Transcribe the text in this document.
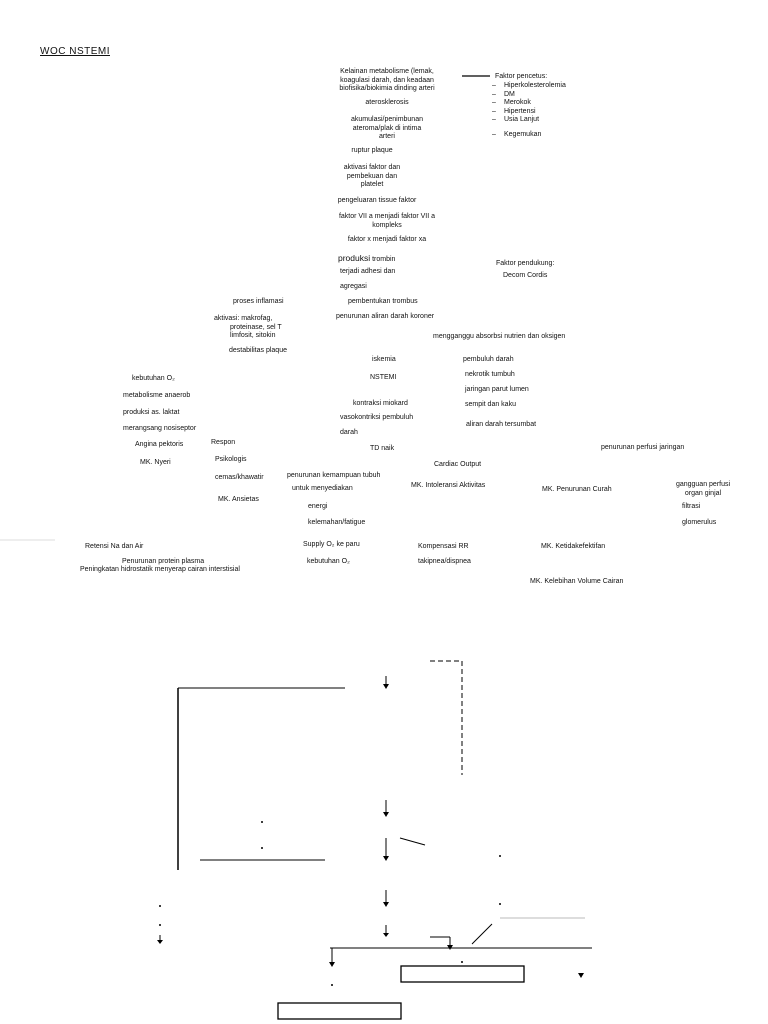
WOC NSTEMI
Kelainan metabolisme (lemak,
koagulasi darah, dan keadaan
biofisika/biokimia dinding arteri
aterosklerosis
akumulasi/penimbunan
ateroma/plak di intima
arteri
ruptur plaque
aktivasi faktor dan
pembekuan dan
platelet
pengeluaran tissue faktor
faktor VII a menjadi faktor VII a
kompleks
faktor x menjadi faktor xa
produksi trombin
terjadi adhesi dan
agregasi
pembentukan trombus
penurunan aliran darah koroner
mengganggu absorbsi nutrien dan oksigen
iskemia
NSTEMI
kontraksi miokard
vasokontriksi pembuluh
darah
TD naik
Cardiac Output
Faktor pencetus:
– Hiperkolesterolemia
– DM
– Merokok
– Hipertensi
– Usia Lanjut
– Kegemukan
Faktor pendukung:
Decom Cordis
proses inflamasi
aktivasi: makrofag,
proteinase, sel T
limfosit, sitokin
destabilitas plaque
pembuluh darah
nekrotik tumbuh
jaringan parut lumen
sempit dan kaku
aliran darah tersumbat
penurunan perfusi jaringan
kebutuhan O₂
metabolisme anaerob
produksi as. laktat
merangsang nosiseptor
Angina pektoris
MK. Nyeri
Respon
Psikologis
cemas/khawatir
MK. Ansietas
penurunan kemampuan tubuh
untuk menyediakan
energi
kelemahan/fatigue
Supply O₂ ke paru
kebutuhan O₂
MK. Intoleransi Aktivitas
MK. Penurunan Curah
gangguan perfusi
organ ginjal
filtrasi
glomerulus
Kompensasi RR
takipnea/dispnea
MK. Ketidakefektifan
MK. Kelebihan Volume Cairan
Retensi Na dan Air
Penurunan protein plasma
Peningkatan hidrostatik menyerap cairan interstisial
